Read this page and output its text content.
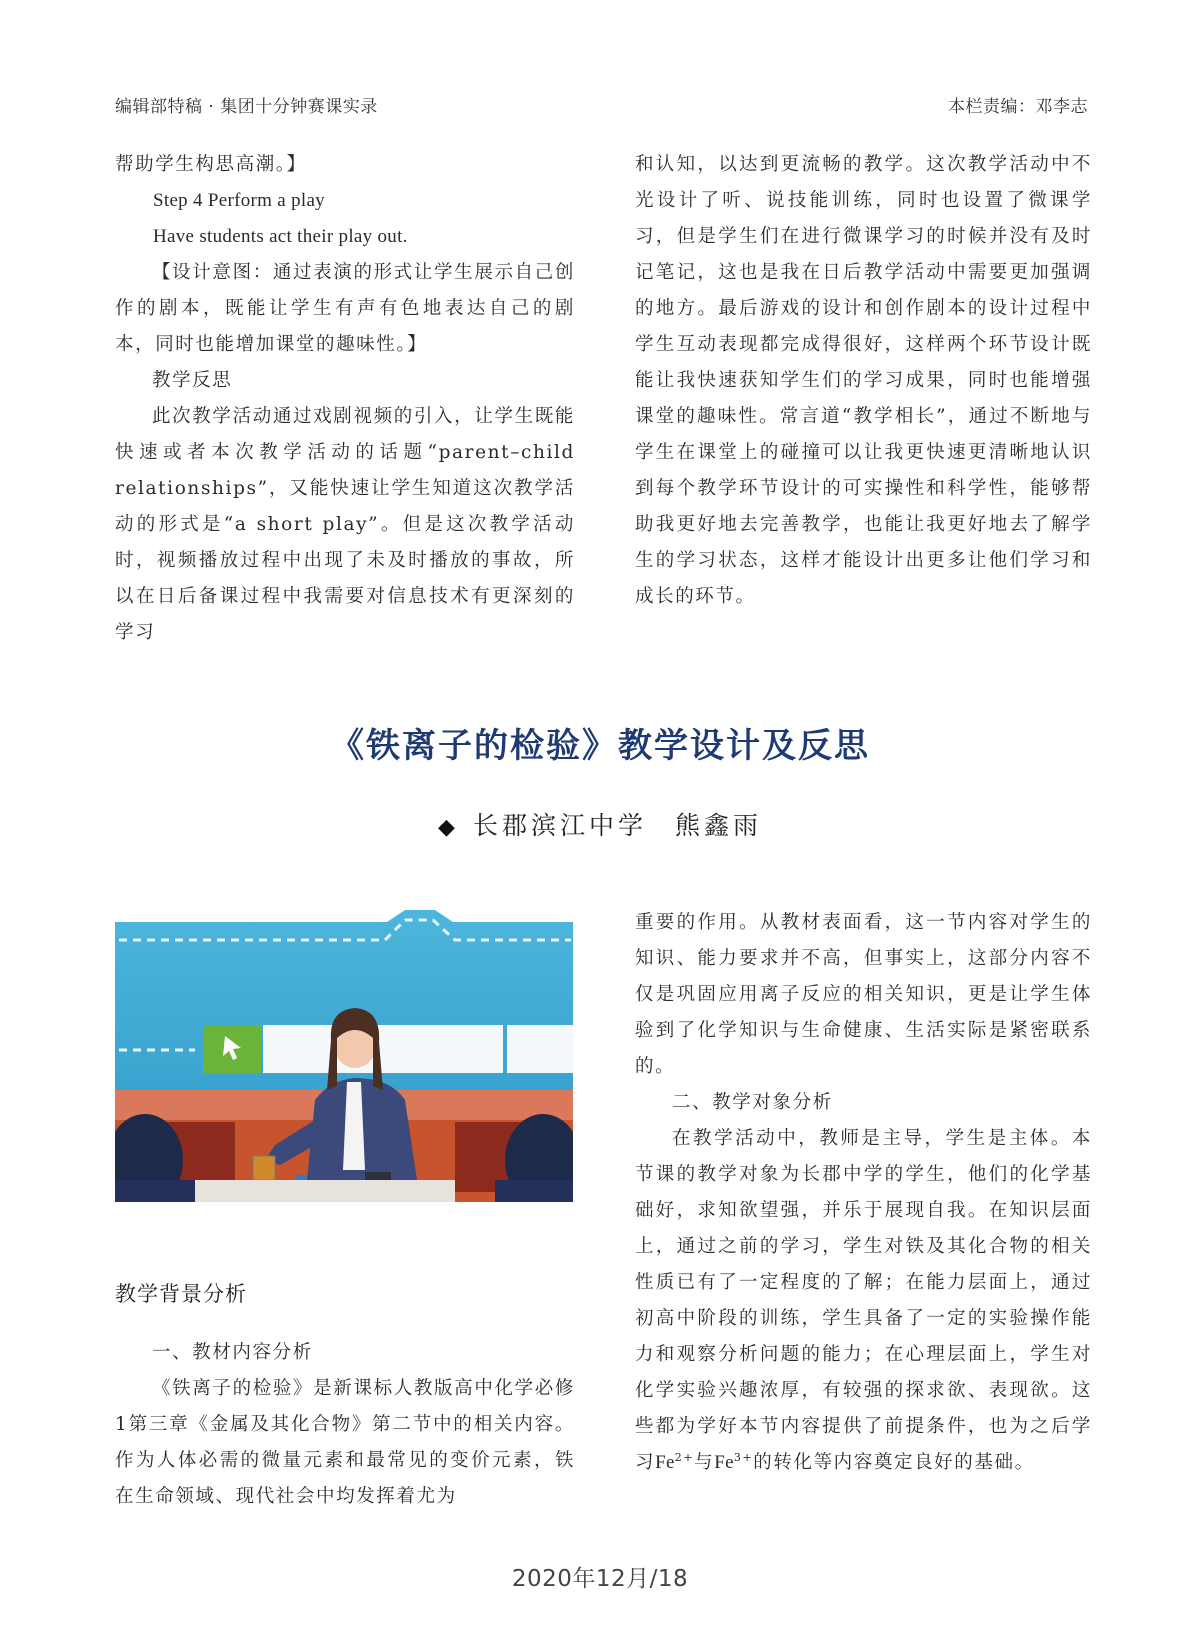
编辑部特稿 · 集团十分钟赛课实录	本栏责编：邓李志

帮助学生构思高潮。】

Step 4 Perform a play

Have students act their play out.

【设计意图：通过表演的形式让学生展示自己创作的剧本，既能让学生有声有色地表达自己的剧本，同时也能增加课堂的趣味性。】

教学反思

此次教学活动通过戏剧视频的引入，让学生既能快速或者本次教学活动的话题“parent–child relationships”，又能快速让学生知道这次教学活动的形式是“a short play”。但是这次教学活动时，视频播放过程中出现了未及时播放的事故，所以在日后备课过程中我需要对信息技术有更深刻的学习

和认知，以达到更流畅的教学。这次教学活动中不光设计了听、说技能训练，同时也设置了微课学习，但是学生们在进行微课学习的时候并没有及时记笔记，这也是我在日后教学活动中需要更加强调的地方。最后游戏的设计和创作剧本的设计过程中学生互动表现都完成得很好，这样两个环节设计既能让我快速获知学生们的学习成果，同时也能增强课堂的趣味性。常言道“教学相长”，通过不断地与学生在课堂上的碰撞可以让我更快速更清晰地认识到每个教学环节设计的可实操性和科学性，能够帮助我更好地去完善教学，也能让我更好地去了解学生的学习状态，这样才能设计出更多让他们学习和成长的环节。

《铁离子的检验》教学设计及反思
◆ 长郡滨江中学 熊鑫雨
教学背景分析

一、教材内容分析

《铁离子的检验》是新课标人教版高中化学必修1第三章《金属及其化合物》第二节中的相关内容。作为人体必需的微量元素和最常见的变价元素，铁在生命领域、现代社会中均发挥着尤为

重要的作用。从教材表面看，这一节内容对学生的知识、能力要求并不高，但事实上，这部分内容不仅是巩固应用离子反应的相关知识，更是让学生体验到了化学知识与生命健康、生活实际是紧密联系的。

二、教学对象分析

在教学活动中，教师是主导，学生是主体。本节课的教学对象为长郡中学的学生，他们的化学基础好，求知欲望强，并乐于展现自我。在知识层面上，通过之前的学习，学生对铁及其化合物的相关性质已有了一定程度的了解；在能力层面上，通过初高中阶段的训练，学生具备了一定的实验操作能力和观察分析问题的能力；在心理层面上，学生对化学实验兴趣浓厚，有较强的探求欲、表现欲。这些都为学好本节内容提供了前提条件，也为之后学习$Fe^{2+}$与$Fe^{3+}$的转化等内容奠定良好的基础。

2020年12月/18
